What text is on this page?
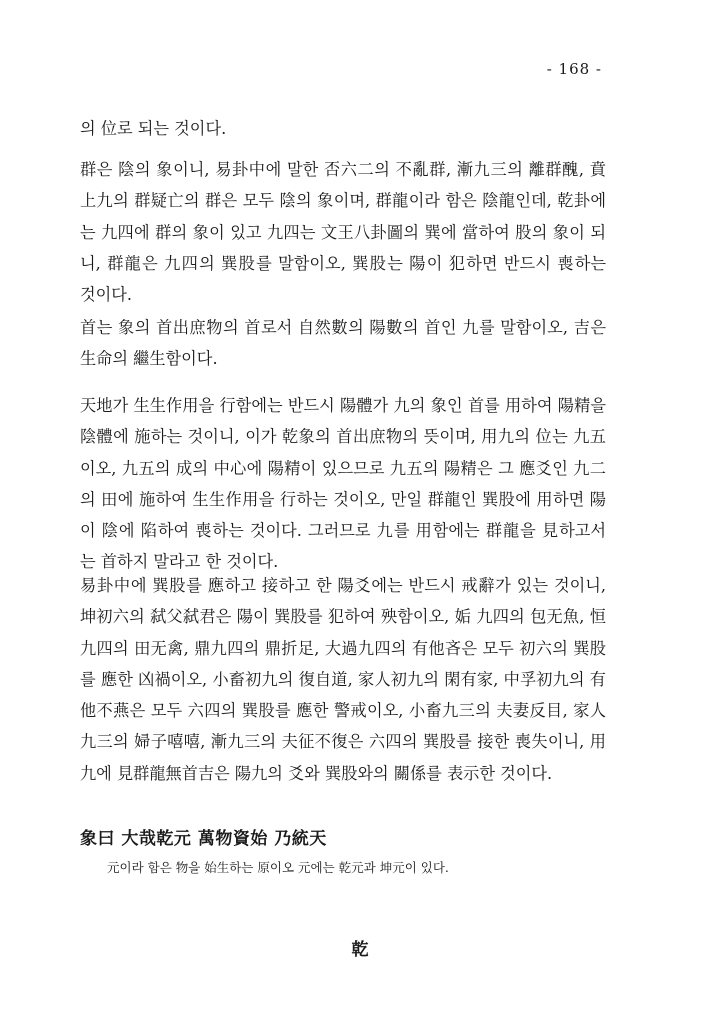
- 168 -
의 位로 되는 것이다.
群은 陰의 象이니, 易卦中에 말한 否六二의 不亂群, 漸九三의 離群醜, 賁
上九의 群疑亡의 群은 모두 陰의 象이며, 群龍이라 함은 陰龍인데, 乾卦에
는 九四에 群의 象이 있고 九四는 文王八卦圖의 巽에 當하여 股의 象이 되
니, 群龍은 九四의 巽股를 말함이오, 巽股는 陽이 犯하면 반드시 喪하는
것이다.
首는 象의 首出庶物의 首로서 自然數의 陽數의 首인 九를 말함이오, 吉은
生命의 繼生함이다.
天地가 生生作用을 行함에는 반드시 陽體가 九의 象인 首를 用하여 陽精을
陰體에 施하는 것이니, 이가 乾象의 首出庶物의 뜻이며, 用九의 位는 九五
이오, 九五의 成의 中心에 陽精이 있으므로 九五의 陽精은 그 應爻인 九二
의 田에 施하여 生生作用을 行하는 것이오, 만일 群龍인 巽股에 用하면 陽
이 陰에 陷하여 喪하는 것이다. 그러므로 九를 用함에는 群龍을 見하고서
는 首하지 말라고 한 것이다.
易卦中에 巽股를 應하고 接하고 한 陽爻에는 반드시 戒辭가 있는 것이니,
坤初六의 弑父弑君은 陽이 巽股를 犯하여 殃함이오, 姤 九四의 包无魚, 恒
九四의 田无禽, 鼎九四의 鼎折足, 大過九四의 有他吝은 모두 初六의 巽股
를 應한 凶禍이오, 小畜初九의 復自道, 家人初九의 閑有家, 中孚初九의 有
他不燕은 모두 六四의 巽股를 應한 警戒이오, 小畜九三의 夫妻反目, 家人
九三의 婦子嘻嘻, 漸九三의 夫征不復은 六四의 巽股를 接한 喪失이니, 用
九에 見群龍無首吉은 陽九의 爻와 巽股와의 關係를 表示한 것이다.
象曰 大哉乾元 萬物資始 乃統天
元이라 함은 物을 始生하는 原이오 元에는 乾元과 坤元이 있다.
乾
